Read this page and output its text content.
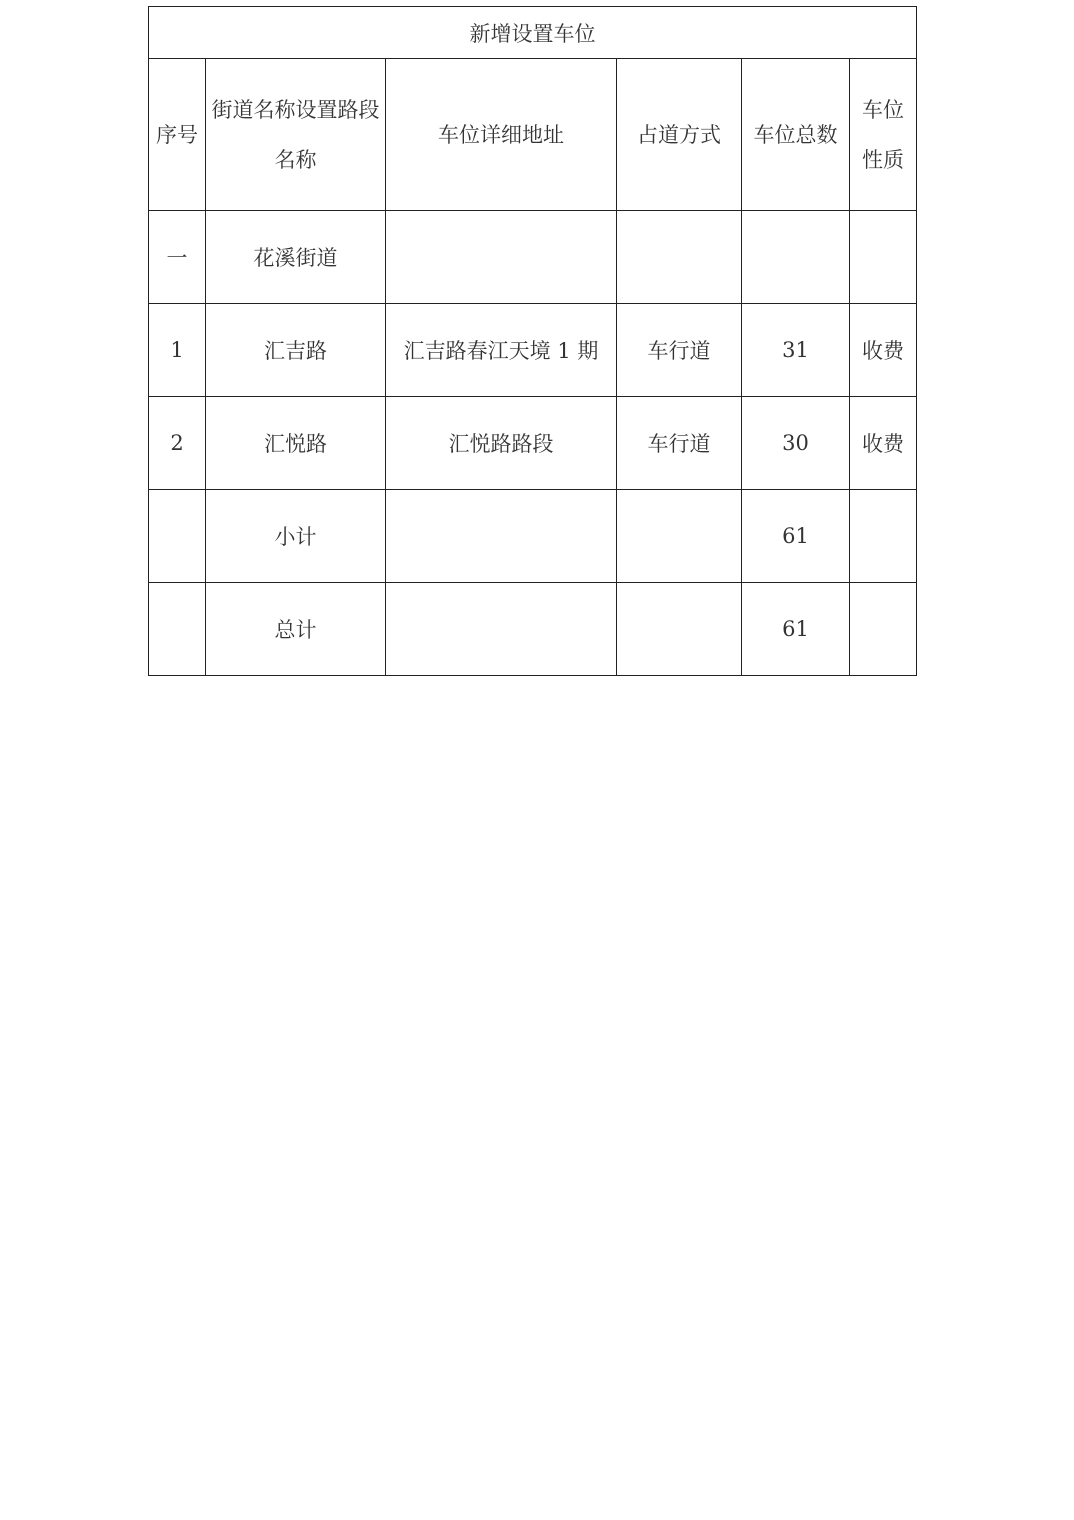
新增设置车位					
序号	街道名称设置路段名称	车位详细地址	占道方式	车位总数	车位性质
一	花溪街道				
1	汇吉路	汇吉路春江天境 1 期	车行道	31	收费
2	汇悦路	汇悦路路段	车行道	30	收费
	小计			61	
	总计			61	
